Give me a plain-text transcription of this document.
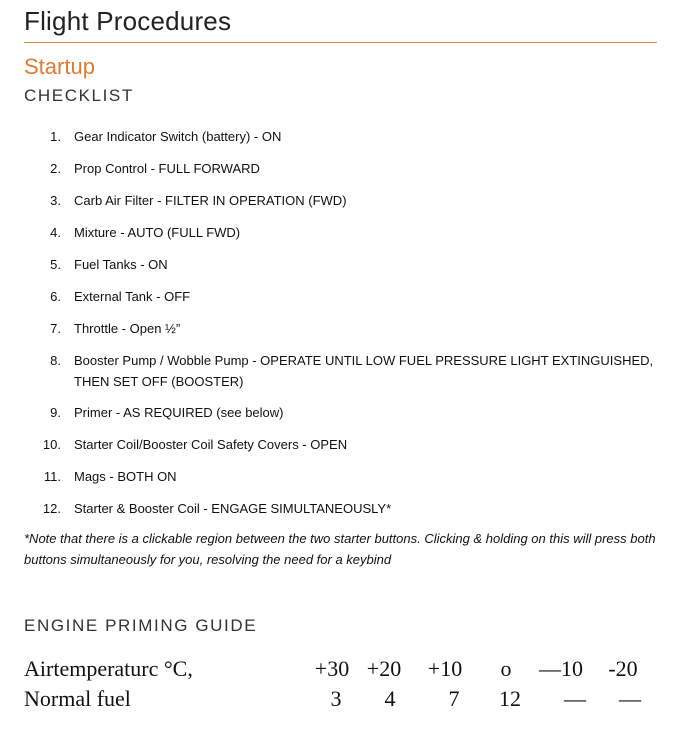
Flight Procedures
Startup
CHECKLIST
1. Gear Indicator Switch (battery) - ON
2. Prop Control - FULL FORWARD
3. Carb Air Filter - FILTER IN OPERATION (FWD)
4. Mixture - AUTO (FULL FWD)
5. Fuel Tanks - ON
6. External Tank - OFF
7. Throttle - Open ½”
8. Booster Pump / Wobble Pump - OPERATE UNTIL LOW FUEL PRESSURE LIGHT EXTINGUISHED,
THEN SET OFF (BOOSTER)
9. Primer - AS REQUIRED (see below)
10. Starter Coil/Booster Coil Safety Covers - OPEN
11. Mags - BOTH ON
12. Starter & Booster Coil - ENGAGE SIMULTANEOUSLY*
*Note that there is a clickable region between the two starter buttons. Clicking & holding on this will press both buttons simultaneously for you, resolving the need for a keybind
ENGINE PRIMING GUIDE
Airtemperaturc °C,	+30 +20	+10	o	—10	-20
Normal fuel	3	4	7	12	—	—
